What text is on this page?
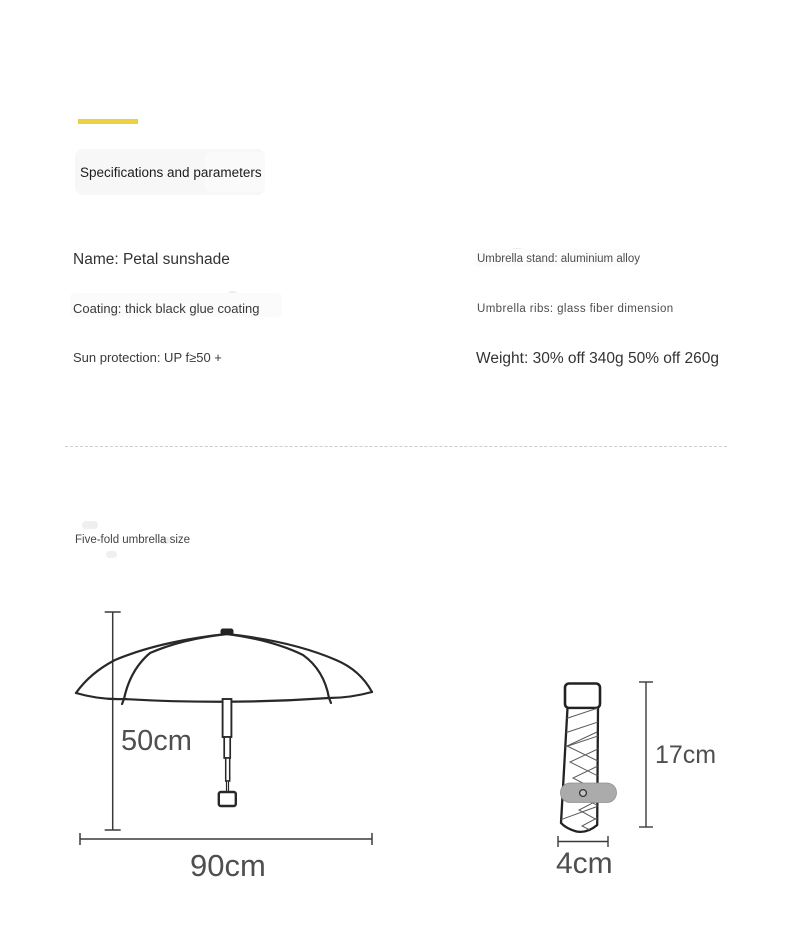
Specifications and parameters
Name: Petal sunshade
Coating: thick black glue coating
Sun protection: UP f≥50 +
Umbrella stand: aluminium alloy
Umbrella ribs: glass fiber dimension
Weight: 30% off 340g 50% off 260g
Five-fold umbrella size
50cm
90cm
17cm
4cm
